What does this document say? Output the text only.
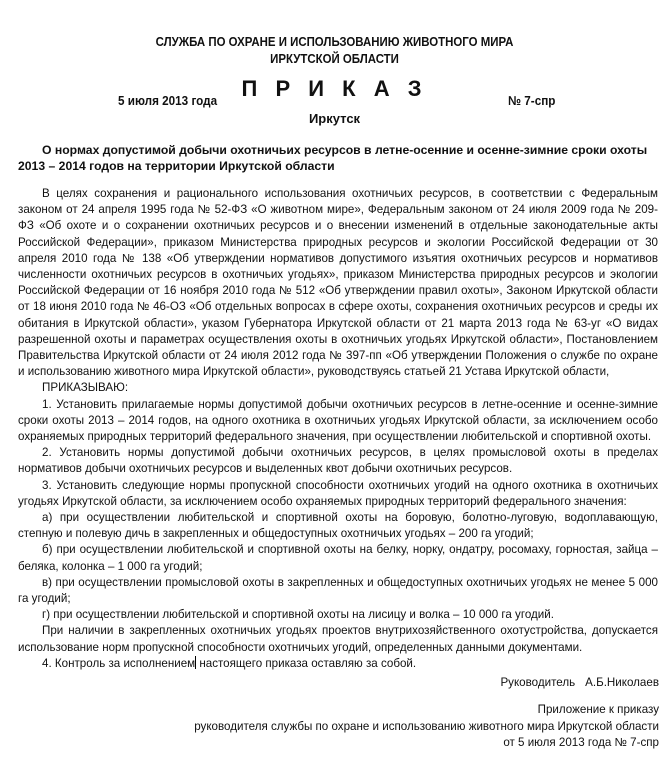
СЛУЖБА ПО ОХРАНЕ И ИСПОЛЬЗОВАНИЮ ЖИВОТНОГО МИРА
ИРКУТСКОЙ ОБЛАСТИ
П Р И К А З
5 июля 2013 года	№ 7-спр
Иркутск
О нормах допустимой добычи охотничьих ресурсов в летне-осенние и осенне-зимние сроки охоты 2013 – 2014 годов на территории Иркутской области

В целях сохранения и рационального использования охотничьих ресурсов, в соответствии с Федеральным законом от 24 апреля 1995 года № 52-ФЗ «О животном мире», Федеральным законом от 24 июля 2009 года № 209-ФЗ «Об охоте и о сохранении охотничьих ресурсов и о внесении изменений в отдельные законодательные акты Российской Федерации», приказом Министерства природных ресурсов и экологии Российской Федерации от 30 апреля 2010 года № 138 «Об утверждении нормативов допустимого изъятия охотничьих ресурсов и нормативов численности охотничьих ресурсов в охотничьих угодьях», приказом Министерства природных ресурсов и экологии Российской Федерации от 16 ноября 2010 года № 512 «Об утверждении правил охоты», Законом Иркутской области от 18 июня 2010 года № 46-ОЗ «Об отдельных вопросах в сфере охоты, сохранения охотничьих ресурсов и среды их обитания в Иркутской области», указом Губернатора Иркутской области от 21 марта 2013 года № 63-уг «О видах разрешенной охоты и параметрах осуществления охоты в охотничьих угодьях Иркутской области», Постановлением Правительства Иркутской области от 24 июля 2012 года № 397-пп «Об утверждении Положения о службе по охране и использованию животного мира Иркутской области», руководствуясь статьей 21 Устава Иркутской области,

ПРИКАЗЫВАЮ:

1. Установить прилагаемые нормы допустимой добычи охотничьих ресурсов в летне-осенние и осенне-зимние сроки охоты 2013 – 2014 годов, на одного охотника в охотничьих угодьях Иркутской области, за исключением особо охраняемых природных территорий федерального значения, при осуществлении любительской и спортивной охоты.

2. Установить нормы допустимой добычи охотничьих ресурсов, в целях промысловой охоты в пределах нормативов добычи охотничьих ресурсов и выделенных квот добычи охотничьих ресурсов.

3. Установить следующие нормы пропускной способности охотничьих угодий на одного охотника в охотничьих угодьях Иркутской области, за исключением особо охраняемых природных территорий федерального значения:

а) при осуществлении любительской и спортивной охоты на боровую, болотно-луговую, водоплавающую, степную и полевую дичь в закрепленных и общедоступных охотничьих угодьях – 200 га угодий;

б) при осуществлении любительской и спортивной охоты на белку, норку, ондатру, росомаху, горностая, зайца – беляка, колонка – 1 000 га угодий;

в) при осуществлении промысловой охоты в закрепленных и общедоступных охотничьих угодьях не менее 5 000 га угодий;

г) при осуществлении любительской и спортивной охоты на лисицу и волка – 10 000 га угодий.

При наличии в закрепленных охотничьих угодьях проектов внутрихозяйственного охотустройства, допускается использование норм пропускной способности охотничьих угодий, определенных данными документами.

4. Контроль за исполнением настоящего приказа оставляю за собой.

Руководитель А.Б.Николаев
Приложение к приказу
руководителя службы по охране и использованию животного мира Иркутской области
от 5 июля 2013 года № 7-спр
